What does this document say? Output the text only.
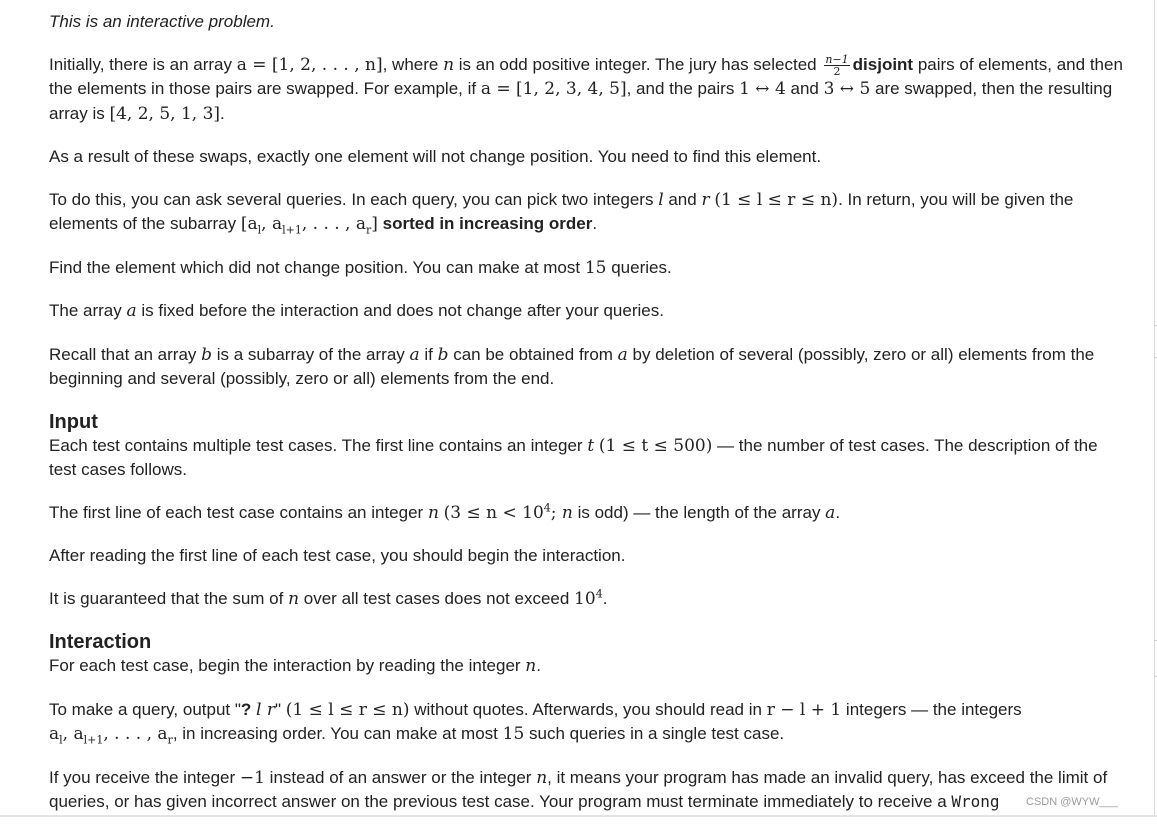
This is an interactive problem.

Initially, there is an array a = [1, 2, . . . , n], where n is an odd positive integer. The jury has selected $\frac{n-1}{2}$ disjoint pairs of elements, and then the elements in those pairs are swapped. For example, if a = [1, 2, 3, 4, 5], and the pairs 1 ↔ 4 and 3 ↔ 5 are swapped, then the resulting array is [4, 2, 5, 1, 3].

As a result of these swaps, exactly one element will not change position. You need to find this element.

To do this, you can ask several queries. In each query, you can pick two integers l and r (1 ≤ l ≤ r ≤ n). In return, you will be given the elements of the subarray [$a_l$, $a_{l+1}$, . . . , $a_r$] sorted in increasing order.

Find the element which did not change position. You can make at most 15 queries.

The array a is fixed before the interaction and does not change after your queries.

Recall that an array b is a subarray of the array a if b can be obtained from a by deletion of several (possibly, zero or all) elements from the beginning and several (possibly, zero or all) elements from the end.

Input

Each test contains multiple test cases. The first line contains an integer t (1 ≤ t ≤ 500) — the number of test cases. The description of the test cases follows.

The first line of each test case contains an integer n ($3 \le n < 10^4$; n is odd) — the length of the array a.

After reading the first line of each test case, you should begin the interaction.

It is guaranteed that the sum of n over all test cases does not exceed $10^4$.

Interaction

For each test case, begin the interaction by reading the integer n.

To make a query, output "? l r" (1 ≤ l ≤ r ≤ n) without quotes. Afterwards, you should read in r − l + 1 integers — the integers $a_l$, $a_{l+1}$, . . . , $a_r$, in increasing order. You can make at most 15 such queries in a single test case.

If you receive the integer −1 instead of an answer or the integer n, it means your program has made an invalid query, has exceed the limit of queries, or has given incorrect answer on the previous test case. Your program must terminate immediately to receive a Wrong	CSDN @WYW___
